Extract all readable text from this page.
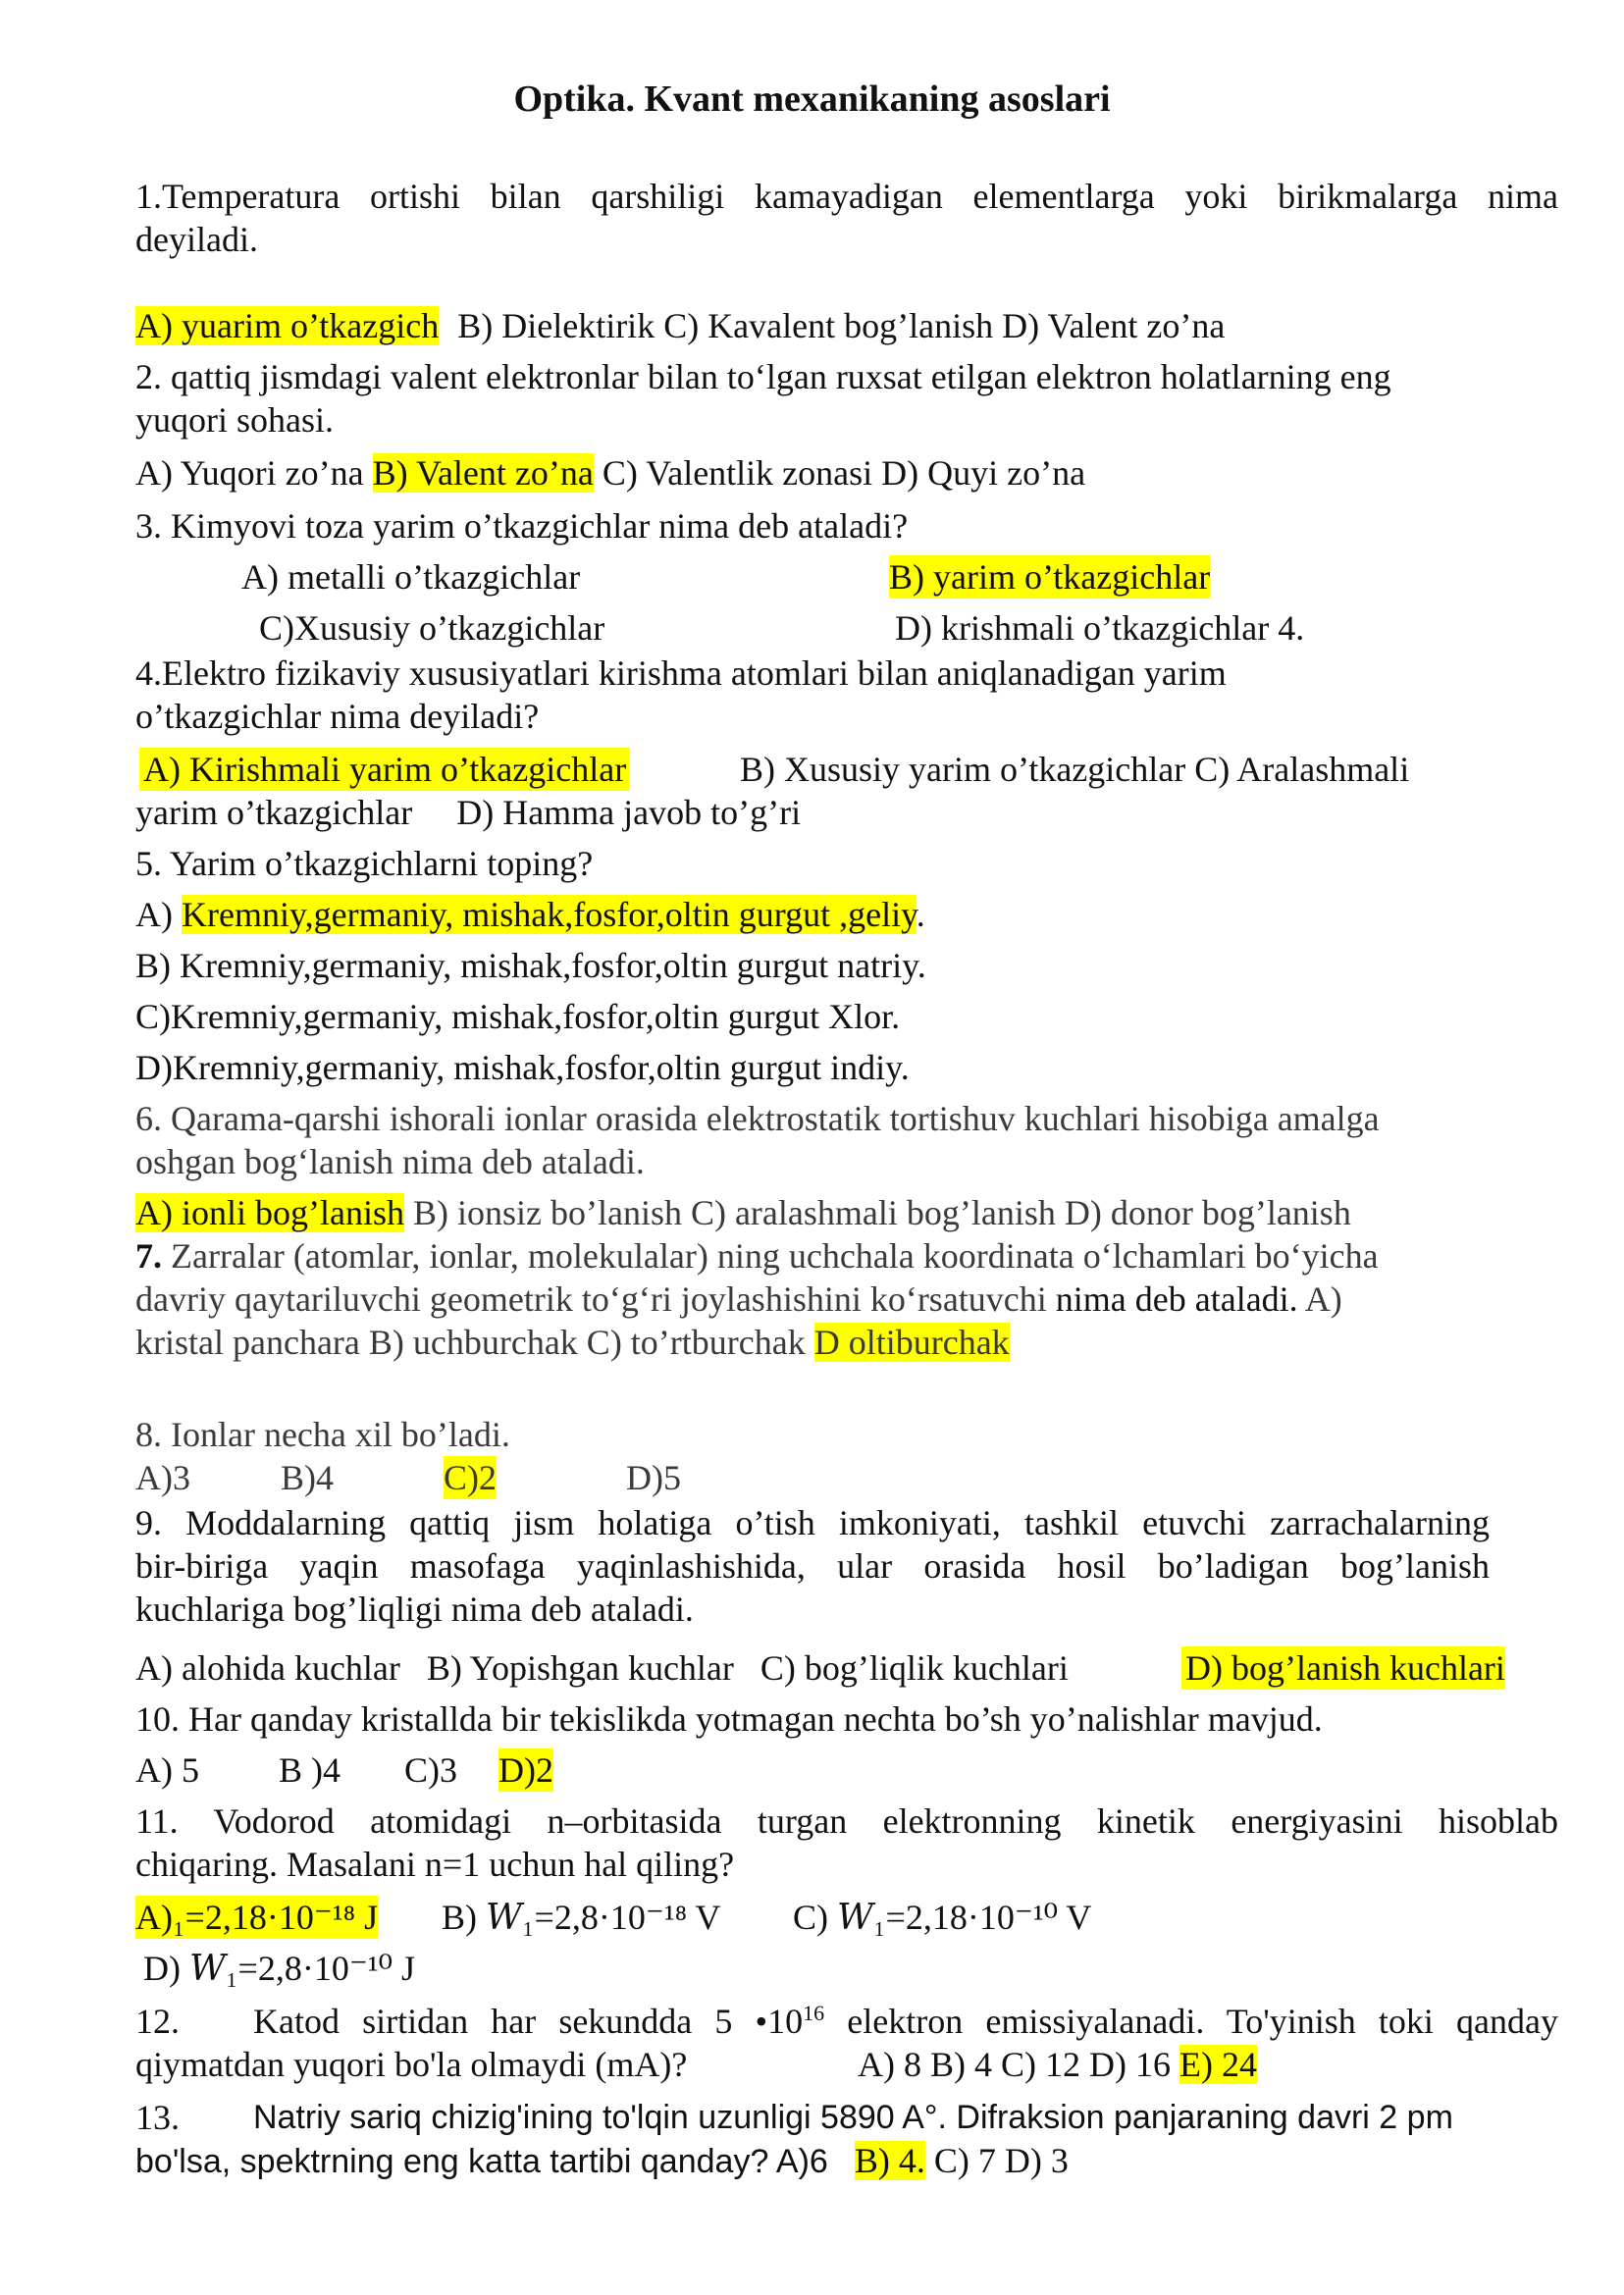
Optika. Kvant mexanikaning asoslari
1.Temperatura ortishi bilan qarshiligi kamayadigan elementlarga yoki birikmalarga nima
deyiladi.
A) yuarim o’tkazgich B) Dielektirik C) Kavalent bog’lanish D) Valent zo’na
2. qattiq jismdagi valent elektronlar bilan to‘lgan ruxsat etilgan elektron holatlarning eng
yuqori sohasi.
A) Yuqori zo’na B) Valent zo’na C) Valentlik zonasi D) Quyi zo’na
3. Kimyovi toza yarim o’tkazgichlar nima deb ataladi?
A) metalli o’tkazgichlar	B) yarim o’tkazgichlar
C)Xususiy o’tkazgichlar	D) krishmali o’tkazgichlar 4.
4.Elektro fizikaviy xususiyatlari kirishma atomlari bilan aniqlanadigan yarim
o’tkazgichlar nima deyiladi?
A) Kirishmali yarim o’tkazgichlar	B) Xususiy yarim o’tkazgichlar C) Aralashmali
yarim o’tkazgichlar     D) Hamma javob to’g’ri
5. Yarim o’tkazgichlarni toping?
A) Kremniy,germaniy, mishak,fosfor,oltin gurgut ,geliy.
B) Kremniy,germaniy, mishak,fosfor,oltin gurgut natriy.
C)Kremniy,germaniy, mishak,fosfor,oltin gurgut Xlor.
D)Kremniy,germaniy, mishak,fosfor,oltin gurgut indiy.
6. Qarama-qarshi ishorali ionlar orasida elektrostatik tortishuv kuchlari hisobiga amalga
oshgan bog‘lanish nima deb ataladi.
A) ionli bog’lanish B) ionsiz bo’lanish C) aralashmali bog’lanish D) donor bog’lanish
7. Zarralar (atomlar, ionlar, molekulalar) ning uchchala koordinata o‘lchamlari bo‘yicha
davriy qaytariluvchi geometrik to‘g‘ri joylashishini ko‘rsatuvchi nima deb ataladi. A)
kristal panchara B) uchburchak C) to’rtburchak D oltiburchak
8. Ionlar necha xil bo’ladi.
A)3	B)4	C)2	D)5
9. Moddalarning qattiq jism holatiga o’tish imkoniyati, tashkil etuvchi zarrachalarning
bir-biriga yaqin masofaga yaqinlashishida, ular orasida hosil bo’ladigan bog’lanish
kuchlariga bog’liqligi nima deb ataladi.
A) alohida kuchlar   B) Yopishgan kuchlar   C) bog’liqlik kuchlari	D) bog’lanish kuchlari
10. Har qanday kristallda bir tekislikda yotmagan nechta bo’sh yo’nalishlar mavjud.
A) 5 B )4 C)3 D)2
11. Vodorod atomidagi n–orbitasida turgan elektronning kinetik energiyasini hisoblab
chiqaring. Masalani n=1 uchun hal qiling?
A)₁=2,18·10⁻¹⁸ J B) 𝑊₁=2,8·10⁻¹⁸ V C) 𝑊₁=2,18·10⁻¹⁰ V
D) 𝑊₁=2,8·10⁻¹⁰ J
12. Katod sirtidan har sekundda 5 $•10^{16}$ elektron emissiyalanadi. To'yinish toki qanday
qiymatdan yuqori bo'la olmaydi (mA)?	A) 8 B) 4 C) 12 D) 16 E) 24
13. Natriy sariq chizig'ining to'lqin uzunligi 5890 A°. Difraksion panjaraning davri 2 pm
bo'lsa, spektrning eng katta tartibi qanday? A)6 B) 4. C) 7 D) 3
